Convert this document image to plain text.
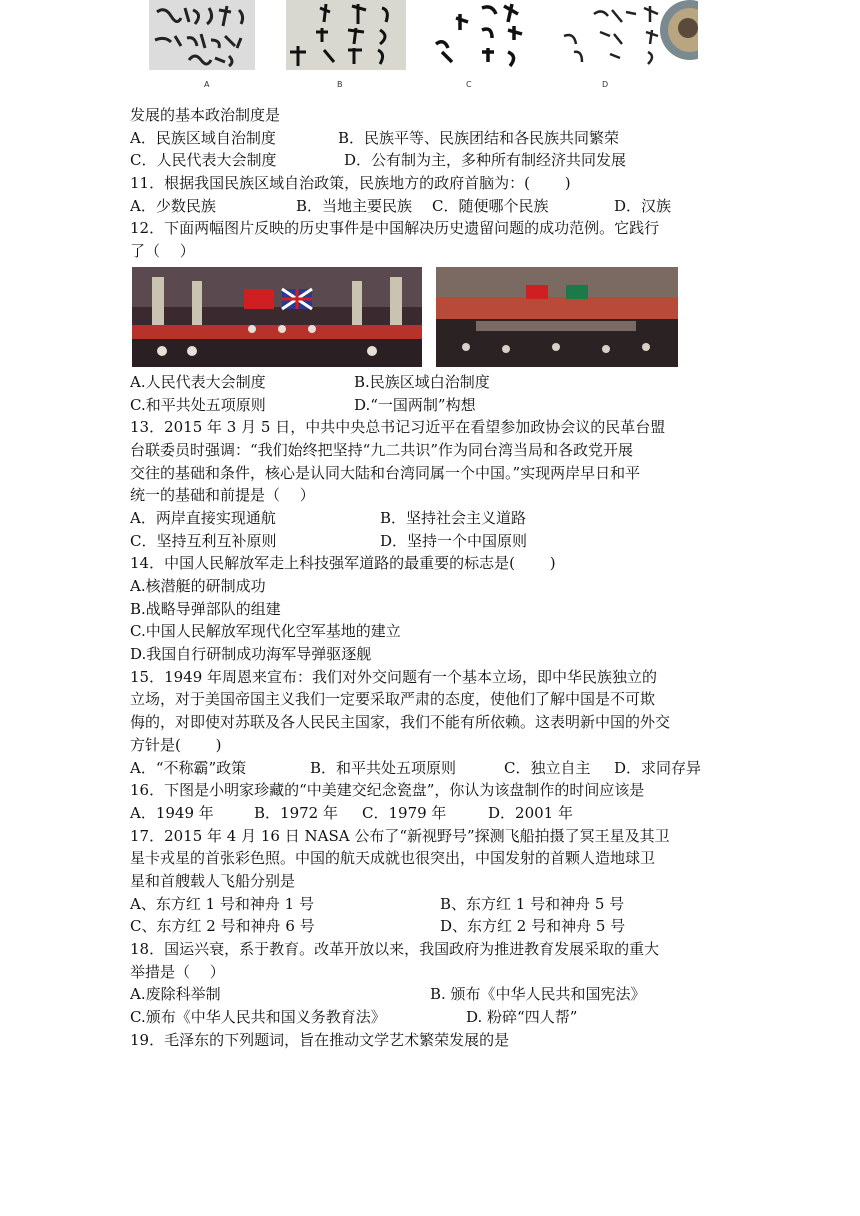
A	B	C	D
发展的基本政治制度是
A．民族区域自治制度	B．民族平等、民族团结和各民族共同繁荣
C．人民代表大会制度	D．公有制为主，多种所有制经济共同发展
11．根据我国民族区域自治政策，民族地方的政府首脑为：(　　 )
A．少数民族	B．当地主要民族 C．随便哪个民族	D．汉族
12．下面两幅图片反映的历史事件是中国解决历史遗留问题的成功范例。它践行
了（　 ）
A.人民代表大会制度	B.民族区域白治制度
C.和平共处五项原则	D.“一国两制”构想
13．2015 年 3 月 5 日，中共中央总书记习近平在看望参加政协会议的民革台盟
台联委员时强调：“我们始终把坚持“九二共识”作为同台湾当局和各政党开展
交往的基础和条件，核心是认同大陆和台湾同属一个中国。”实现两岸早日和平
统一的基础和前提是（　 ）
A．两岸直接实现通航	B．坚持社会主义道路
C．坚持互利互补原则	D．坚持一个中国原则
14．中国人民解放军走上科技强军道路的最重要的标志是(　　 )
A.核潜艇的研制成功
B.战略导弹部队的组建
C.中国人民解放军现代化空军基地的建立
D.我国自行研制成功海军导弹驱逐舰
15．1949 年周恩来宣布：我们对外交问题有一个基本立场，即中华民族独立的
立场，对于美国帝国主义我们一定要采取严肃的态度，使他们了解中国是不可欺
侮的，对即使对苏联及各人民民主国家，我们不能有所依赖。这表明新中国的外交
方针是(　　 )
A．“不称霸”政策	B．和平共处五项原则	C．独立自主 D．求同存异
16．下图是小明家珍藏的“中美建交纪念瓷盘”，你认为该盘制作的时间应该是
A．1949 年	B．1972 年 C．1979 年	D．2001 年
17．2015 年 4 月 16 日 NASA 公布了“新视野号”探测飞船拍摄了冥王星及其卫
星卡戎星的首张彩色照。中国的航天成就也很突出，中国发射的首颗人造地球卫
星和首艘载人飞船分别是
A、东方红 1 号和神舟 1 号	B、东方红 1 号和神舟 5 号
C、东方红 2 号和神舟 6 号	D、东方红 2 号和神舟 5 号
18．国运兴衰，系于教育。改革开放以来，我国政府为推进教育发展采取的重大
举措是（　 ）
A.废除科举制	B. 颁布《中华人民共和国宪法》
C.颁布《中华人民共和国义务教育法》	D. 粉碎“四人帮”
19．毛泽东的下列题词，旨在推动文学艺术繁荣发展的是
